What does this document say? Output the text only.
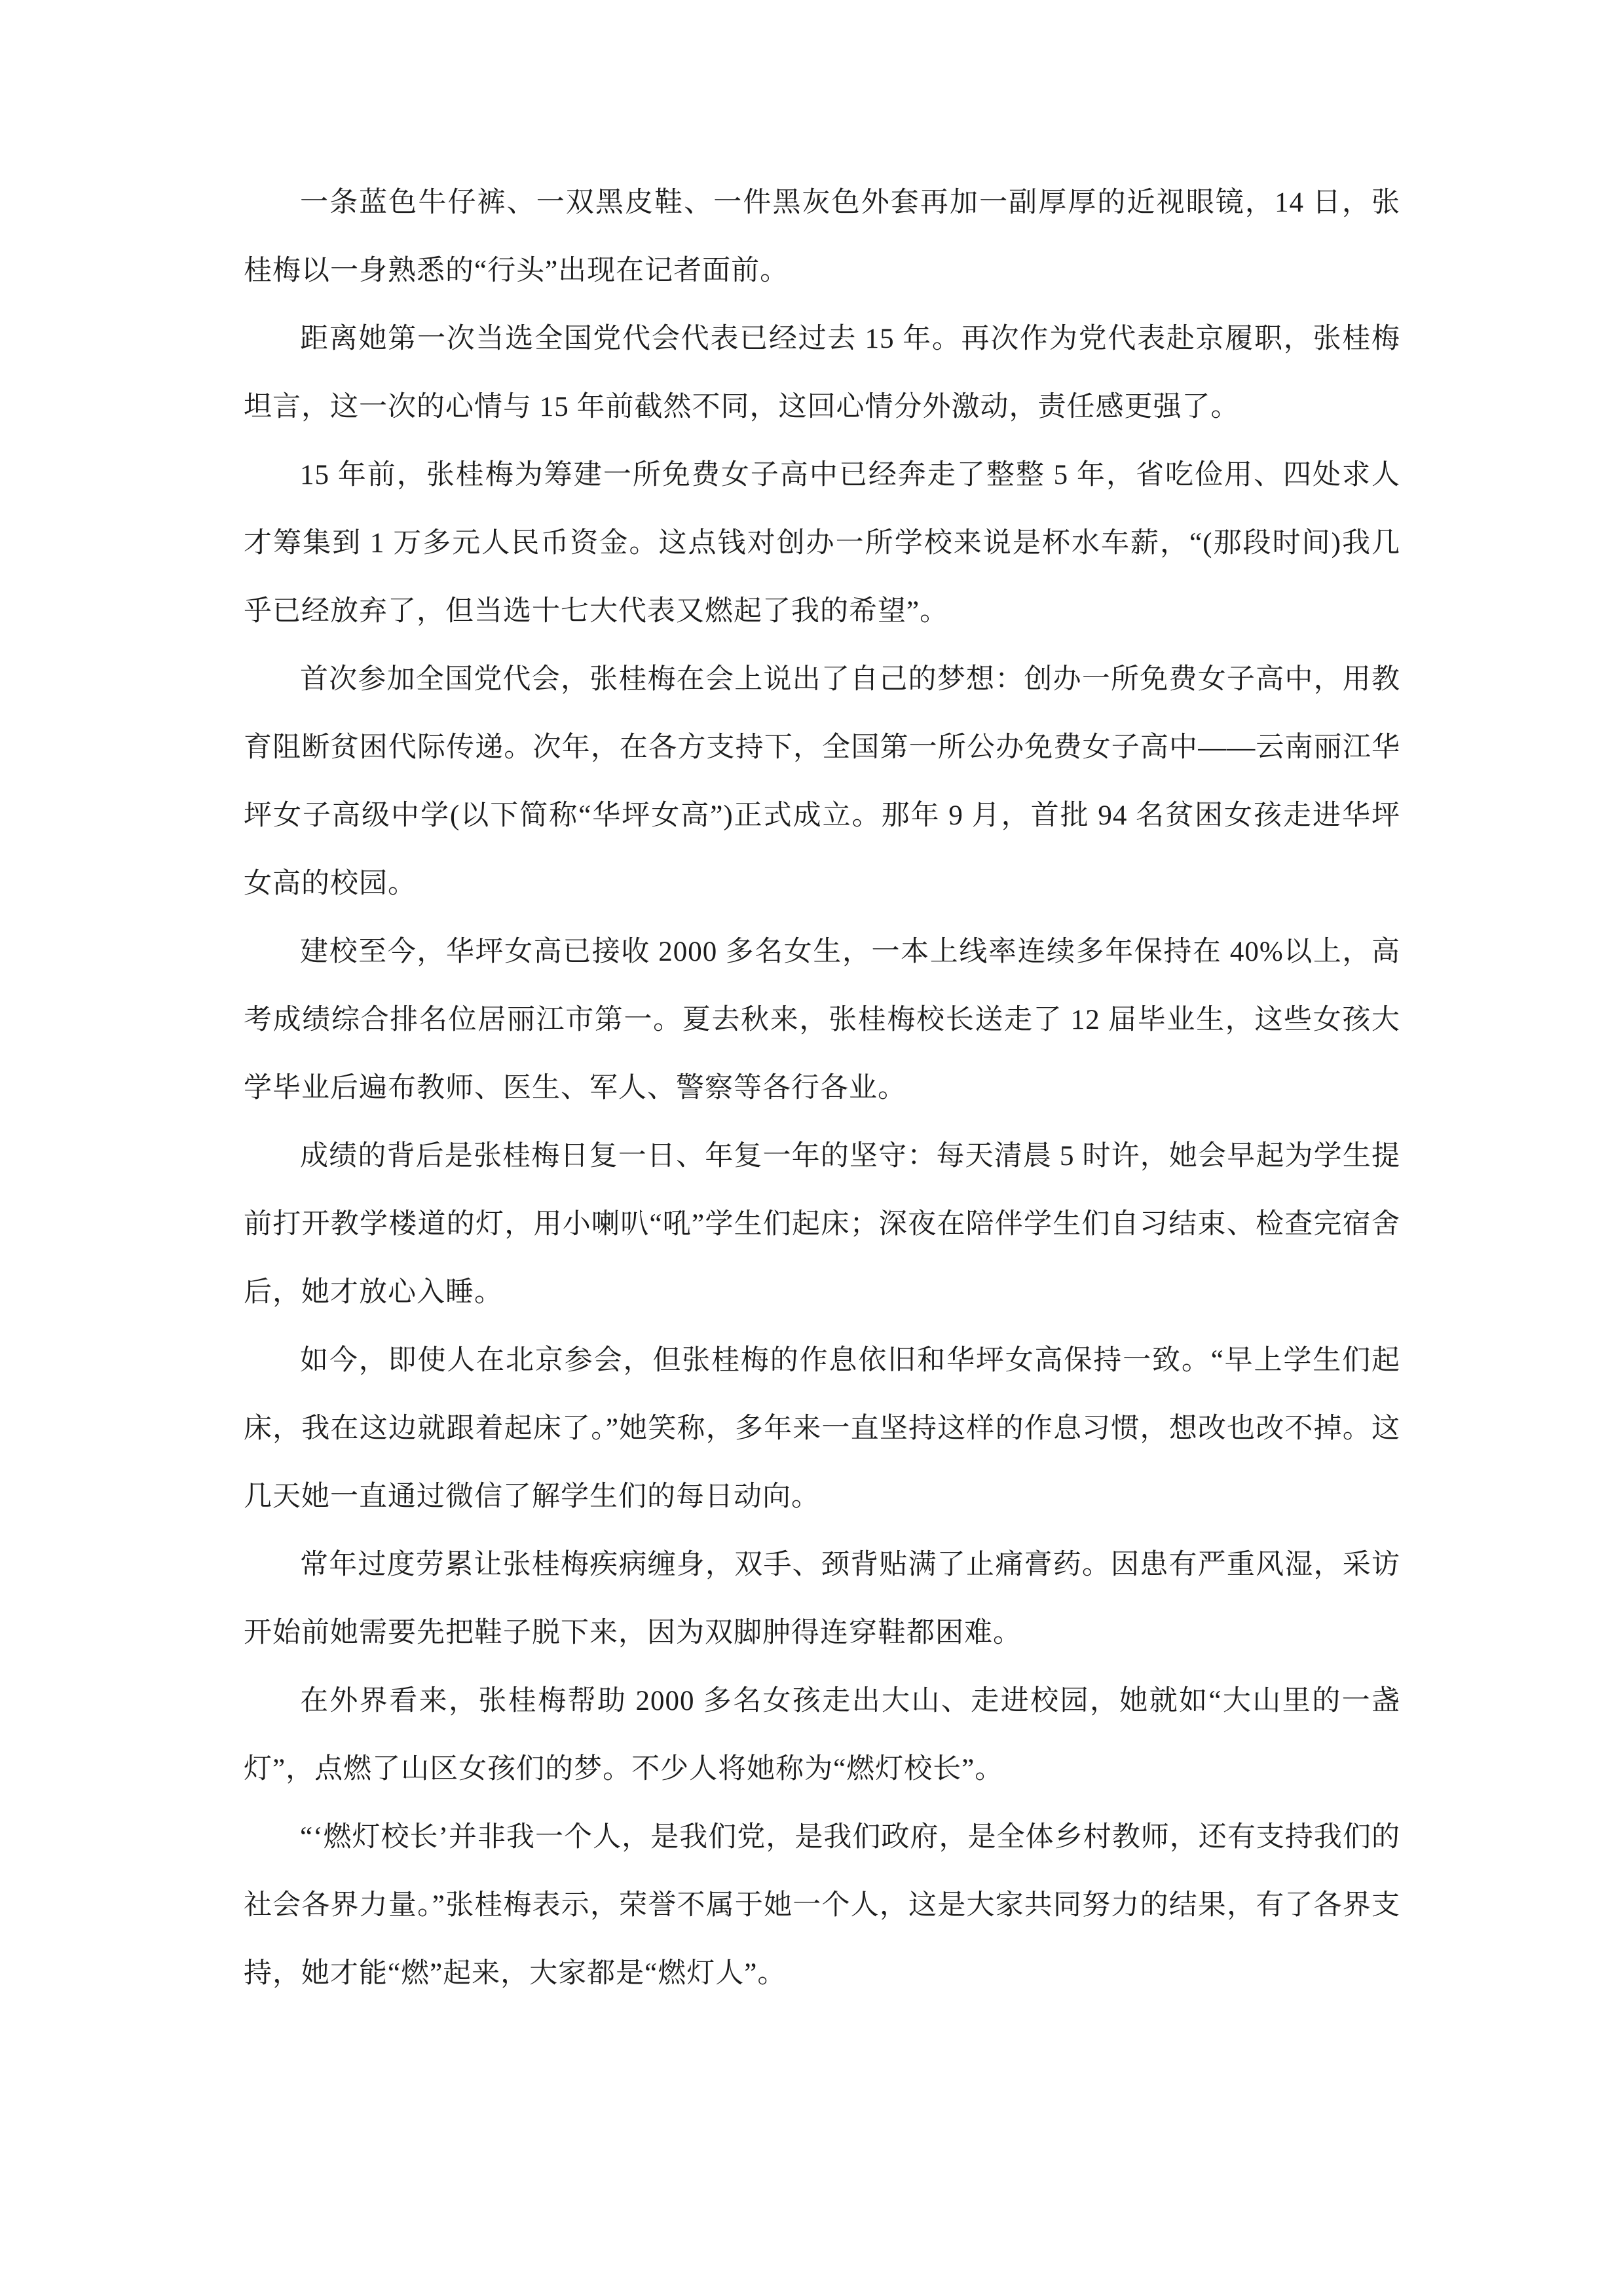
一条蓝色牛仔裤、一双黑皮鞋、一件黑灰色外套再加一副厚厚的近视眼镜，14 日，张桂梅以一身熟悉的“行头”出现在记者面前。

距离她第一次当选全国党代会代表已经过去 15 年。再次作为党代表赴京履职，张桂梅坦言，这一次的心情与 15 年前截然不同，这回心情分外激动，责任感更强了。

15 年前，张桂梅为筹建一所免费女子高中已经奔走了整整 5 年，省吃俭用、四处求人才筹集到 1 万多元人民币资金。这点钱对创办一所学校来说是杯水车薪，“(那段时间)我几乎已经放弃了，但当选十七大代表又燃起了我的希望”。

首次参加全国党代会，张桂梅在会上说出了自己的梦想：创办一所免费女子高中，用教育阻断贫困代际传递。次年，在各方支持下，全国第一所公办免费女子高中——云南丽江华坪女子高级中学(以下简称“华坪女高”)正式成立。那年 9 月，首批 94 名贫困女孩走进华坪女高的校园。

建校至今，华坪女高已接收 2000 多名女生，一本上线率连续多年保持在 40%以上，高考成绩综合排名位居丽江市第一。夏去秋来，张桂梅校长送走了 12 届毕业生，这些女孩大学毕业后遍布教师、医生、军人、警察等各行各业。

成绩的背后是张桂梅日复一日、年复一年的坚守：每天清晨 5 时许，她会早起为学生提前打开教学楼道的灯，用小喇叭“吼”学生们起床；深夜在陪伴学生们自习结束、检查完宿舍后，她才放心入睡。

如今，即使人在北京参会，但张桂梅的作息依旧和华坪女高保持一致。“早上学生们起床，我在这边就跟着起床了。”她笑称，多年来一直坚持这样的作息习惯，想改也改不掉。这几天她一直通过微信了解学生们的每日动向。

常年过度劳累让张桂梅疾病缠身，双手、颈背贴满了止痛膏药。因患有严重风湿，采访开始前她需要先把鞋子脱下来，因为双脚肿得连穿鞋都困难。

在外界看来，张桂梅帮助 2000 多名女孩走出大山、走进校园，她就如“大山里的一盏灯”，点燃了山区女孩们的梦。不少人将她称为“燃灯校长”。

“‘燃灯校长’并非我一个人，是我们党，是我们政府，是全体乡村教师，还有支持我们的社会各界力量。”张桂梅表示，荣誉不属于她一个人，这是大家共同努力的结果，有了各界支持，她才能“燃”起来，大家都是“燃灯人”。
